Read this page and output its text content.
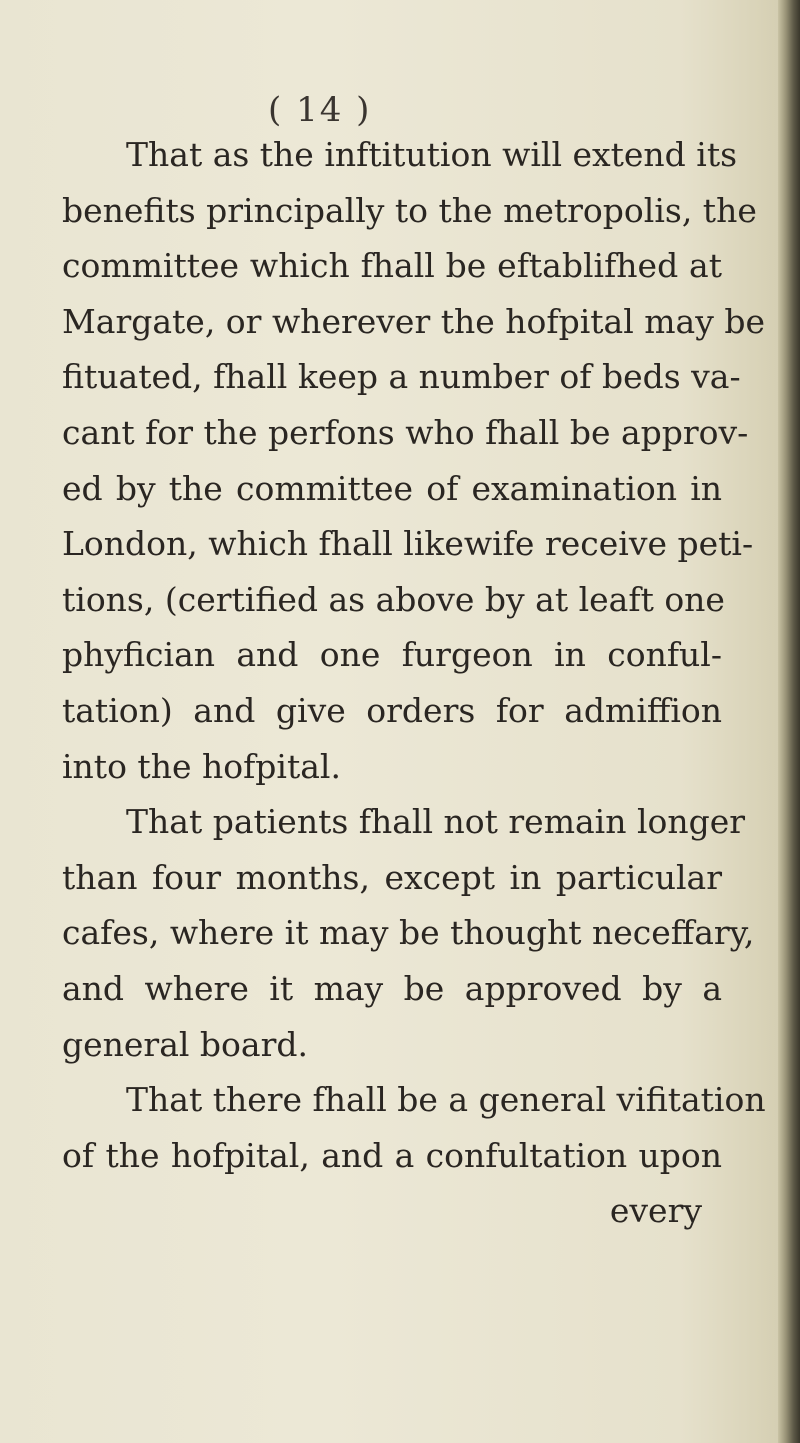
( 14 )
That as the inftitution will extend its
benefits principally to the metropolis, the
committee which fhall be eftablifhed at
Margate, or wherever the hofpital may be
fituated, fhall keep a number of beds va-
cant for the perfons who fhall be approv-
ed by the committee of examination in
London, which fhall likewife receive peti-
tions, (certified as above by at leaft one
phyfician and one furgeon in conful-
tation) and give orders for admiffion
into the hofpital.
That patients fhall not remain longer
than four months, except in particular
cafes, where it may be thought neceffary,
and where it may be approved by a
general board.
That there fhall be a general vifitation
of the hofpital, and a confultation upon
every
